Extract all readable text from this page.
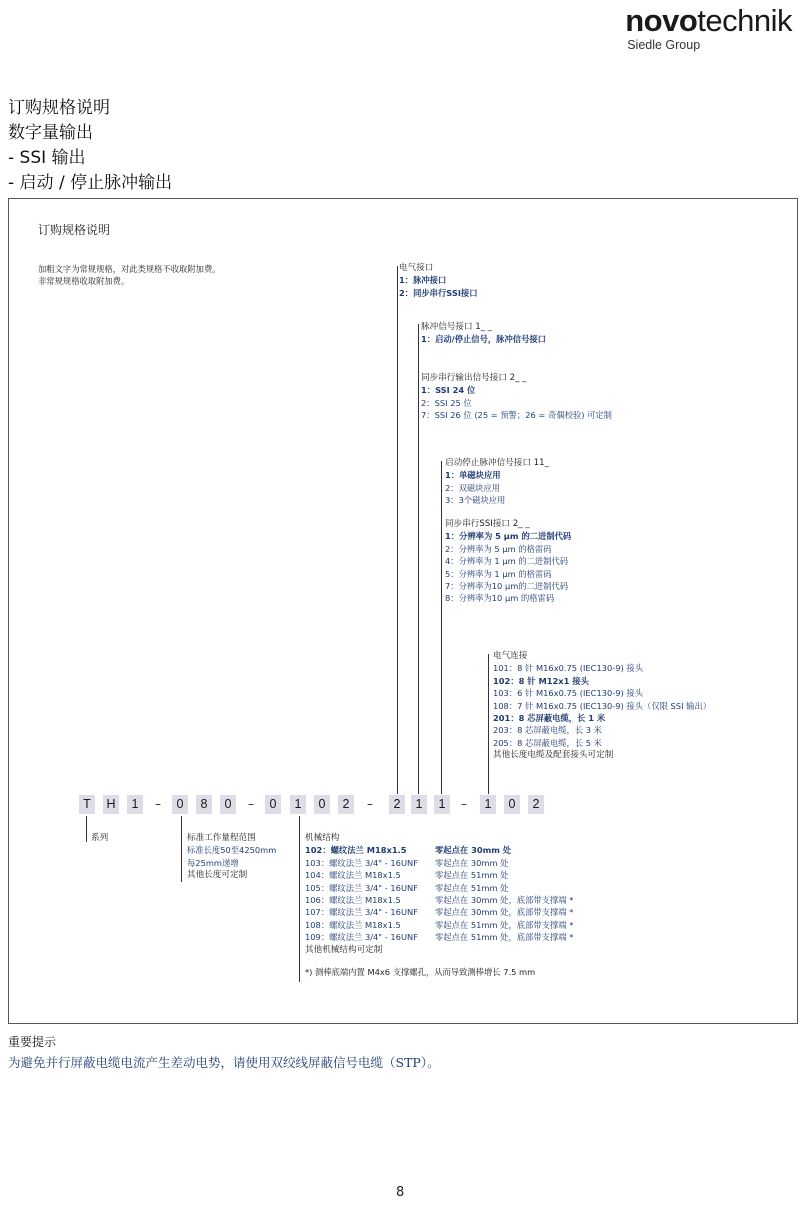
novotechnik
Siedle Group
订购规格说明
数字量输出
- SSI 输出
- 启动 / 停止脉冲输出
订购规格说明
加粗文字为常规规格，对此类规格不收取附加费。
非常规规格收取附加费。
电气接口
1：脉冲接口
2：同步串行SSI接口
脉冲信号接口 1_ _
1：启动/停止信号，脉冲信号接口
同步串行输出信号接口 2_ _
1：SSI 24 位
2：SSI 25 位
7：SSI 26 位 (25 = 预警；26 = 奇偶校验) 可定制
启动停止脉冲信号接口 11_
1：单磁块应用
2：双磁块应用
3：3个磁块应用
同步串行SSI接口 2_ _
1：分辨率为 5 μm 的二进制代码
2：分辨率为 5 μm 的格雷码
4：分辨率为 1 μm 的二进制代码
5：分辨率为 1 μm 的格雷码
7：分辨率为10 μm的二进制代码
8：分辨率为10 μm 的格雷码
电气连接
101：8 针 M16x0.75 (IEC130-9) 接头
102：8 针 M12x1 接头
103：6 针 M16x0.75 (IEC130-9) 接头
108：7 针 M16x0.75 (IEC130-9) 接头（仅限 SSI 输出）
201：8 芯屏蔽电缆，长 1 米
203：8 芯屏蔽电缆，长 3 米
205：8 芯屏蔽电缆，长 5 米
其他长度电缆及配套接头可定制
T	H	1	–	0	8	0	–	0	1	0	2	–	2	1	1	–	1	0	2
系列	标准工作量程范围
标准长度50至4250mm
每25mm递增
其他长度可定制
机械结构
102：螺纹法兰 M18x1.5	零起点在 30mm 处
103：螺纹法兰 3/4" - 16UNF 零起点在 30mm 处
104：螺纹法兰 M18x1.5	零起点在 51mm 处
105：螺纹法兰 3/4" - 16UNF 零起点在 51mm 处
106：螺纹法兰 M18x1.5	零起点在 30mm 处，底部带支撑端 *
107：螺纹法兰 3/4" - 16UNF 零起点在 30mm 处，底部带支撑端 *
108：螺纹法兰 M18x1.5	零起点在 51mm 处，底部带支撑端 *
109：螺纹法兰 3/4" - 16UNF 零起点在 51mm 处，底部带支撑端 *
其他机械结构可定制
*) 测棒底端内置 M4x6 支撑螺孔，从而导致测棒增长 7.5 mm
重要提示
为避免并行屏蔽电缆电流产生差动电势，请使用双绞线屏蔽信号电缆（STP）。
8
